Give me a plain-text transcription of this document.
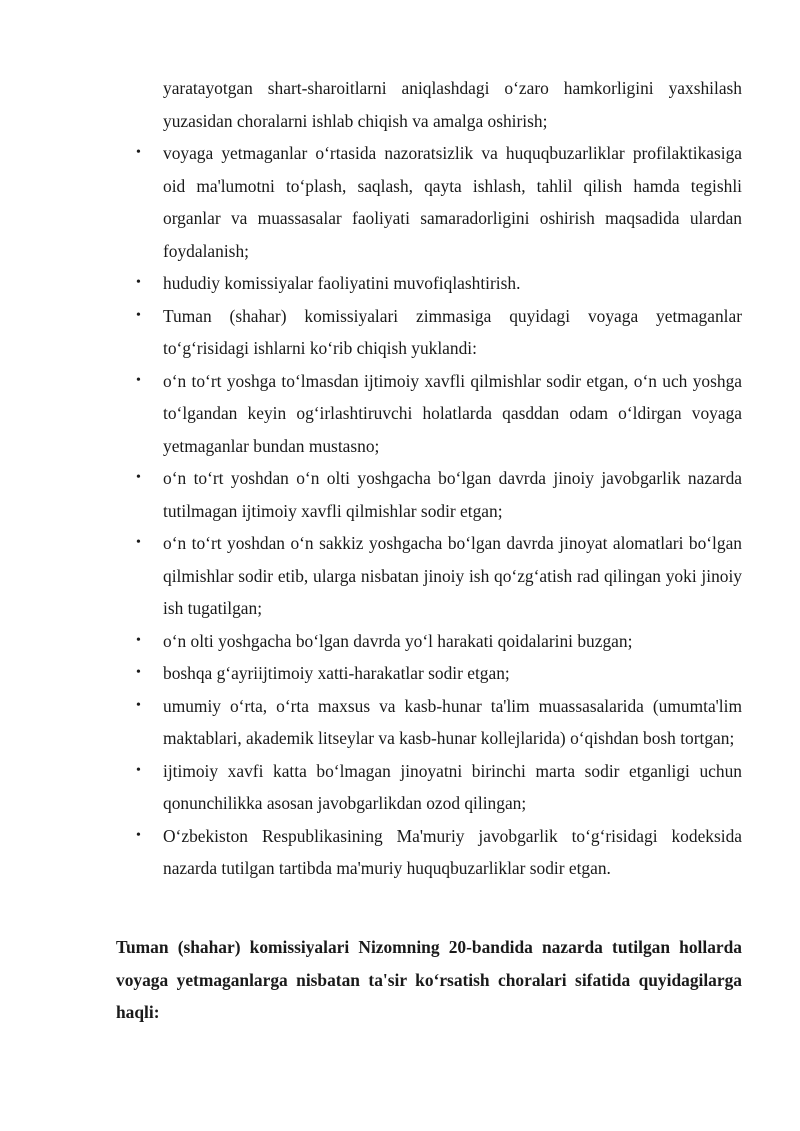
yaratayotgan shart-sharoitlarni aniqlashdagi o‘zaro hamkorligini yaxshilash yuzasidan choralarni ishlab chiqish va amalga oshirish;

• voyaga yetmaganlar o‘rtasida nazoratsizlik va huquqbuzarliklar profilaktikasiga oid ma'lumotni to‘plash, saqlash, qayta ishlash, tahlil qilish hamda tegishli organlar va muassasalar faoliyati samaradorligini oshirish maqsadida ulardan foydalanish;
• hududiy komissiyalar faoliyatini muvofiqlashtirish.
• Tuman (shahar) komissiyalari zimmasiga quyidagi voyaga yetmaganlar to‘g‘risidagi ishlarni ko‘rib chiqish yuklandi:
• o‘n to‘rt yoshga to‘lmasdan ijtimoiy xavfli qilmishlar sodir etgan, o‘n uch yoshga to‘lgandan keyin og‘irlashtiruvchi holatlarda qasddan odam o‘ldirgan voyaga yetmaganlar bundan mustasno;
• o‘n to‘rt yoshdan o‘n olti yoshgacha bo‘lgan davrda jinoiy javobgarlik nazarda tutilmagan ijtimoiy xavfli qilmishlar sodir etgan;
• o‘n to‘rt yoshdan o‘n sakkiz yoshgacha bo‘lgan davrda jinoyat alomatlari bo‘lgan qilmishlar sodir etib, ularga nisbatan jinoiy ish qo‘zg‘atish rad qilingan yoki jinoiy ish tugatilgan;
• o‘n olti yoshgacha bo‘lgan davrda yo‘l harakati qoidalarini buzgan;
• boshqa g‘ayriijtimoiy xatti-harakatlar sodir etgan;
• umumiy o‘rta, o‘rta maxsus va kasb-hunar ta'lim muassasalarida (umumta'lim maktablari, akademik litseylar va kasb-hunar kollejlarida) o‘qishdan bosh tortgan;
• ijtimoiy xavfi katta bo‘lmagan jinoyatni birinchi marta sodir etganligi uchun qonunchilikka asosan javobgarlikdan ozod qilingan;
• O‘zbekiston Respublikasining Ma'muriy javobgarlik to‘g‘risidagi kodeksida nazarda tutilgan tartibda ma'muriy huquqbuzarliklar sodir etgan.

Tuman (shahar) komissiyalari Nizomning 20-bandida nazarda tutilgan hollarda voyaga yetmaganlarga nisbatan ta'sir ko‘rsatish choralari sifatida quyidagilarga haqli:
